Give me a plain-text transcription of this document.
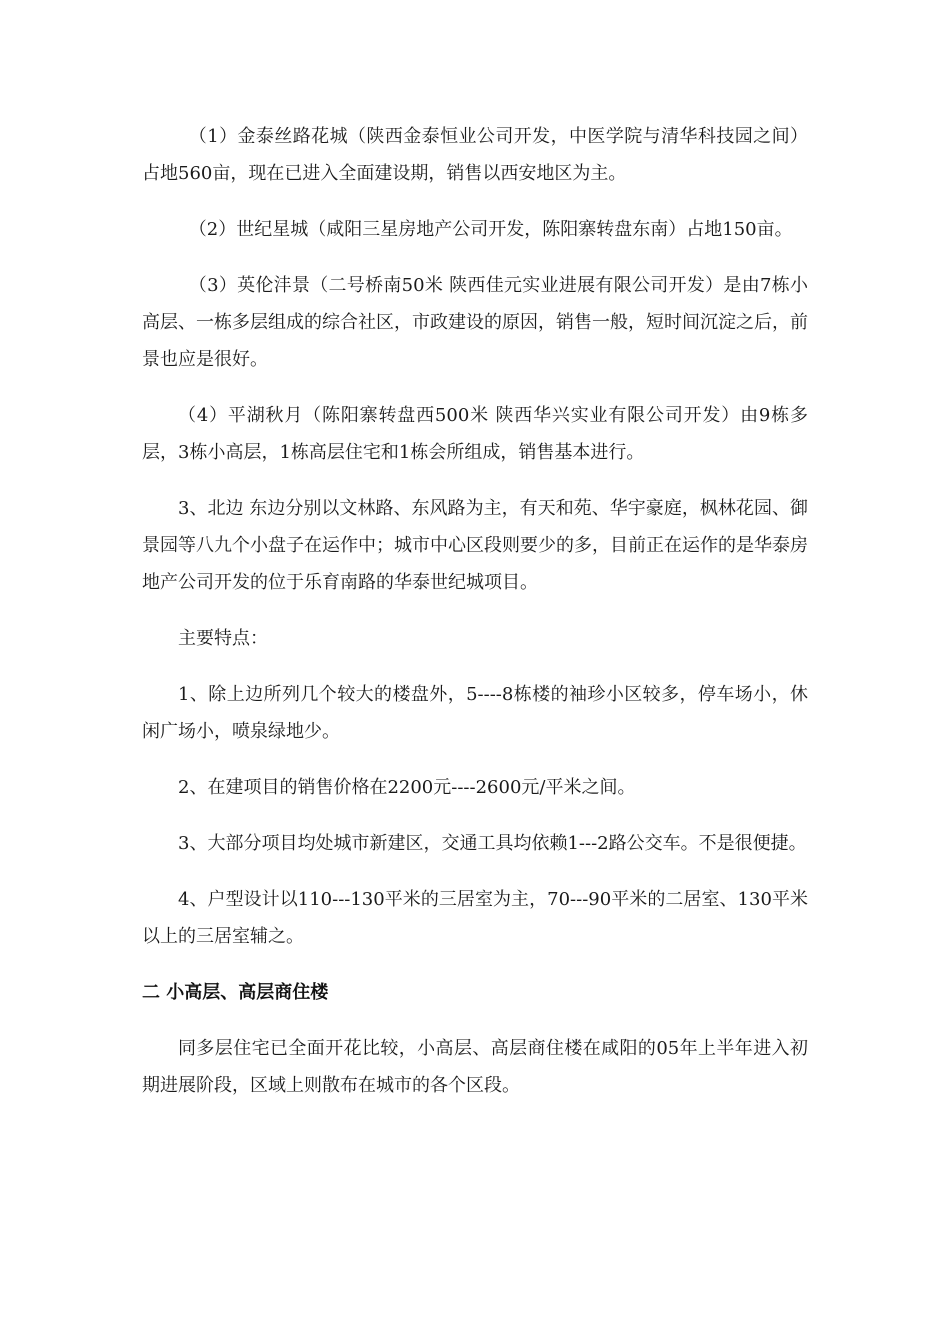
（1）金泰丝路花城（陕西金泰恒业公司开发，中医学院与清华科技园之间）占地560亩，现在已进入全面建设期，销售以西安地区为主。

（2）世纪星城（咸阳三星房地产公司开发，陈阳寨转盘东南）占地150亩。

（3）英伦沣景（二号桥南50米 陕西佳元实业进展有限公司开发）是由7栋小高层、一栋多层组成的综合社区，市政建设的原因，销售一般，短时间沉淀之后，前景也应是很好。

（4）平湖秋月（陈阳寨转盘西500米 陕西华兴实业有限公司开发）由9栋多层，3栋小高层，1栋高层住宅和1栋会所组成，销售基本进行。

3、北边 东边分别以文林路、东风路为主，有天和苑、华宇豪庭，枫林花园、御景园等八九个小盘子在运作中；城市中心区段则要少的多，目前正在运作的是华泰房地产公司开发的位于乐育南路的华泰世纪城项目。

主要特点：

1、除上边所列几个较大的楼盘外，5----8栋楼的袖珍小区较多，停车场小，休闲广场小，喷泉绿地少。

2、在建项目的销售价格在2200元----2600元/平米之间。

3、大部分项目均处城市新建区，交通工具均依赖1---2路公交车。不是很便捷。

4、户型设计以110---130平米的三居室为主，70---90平米的二居室、130平米以上的三居室辅之。

二 小高层、高层商住楼

同多层住宅已全面开花比较，小高层、高层商住楼在咸阳的05年上半年进入初期进展阶段，区域上则散布在城市的各个区段。
